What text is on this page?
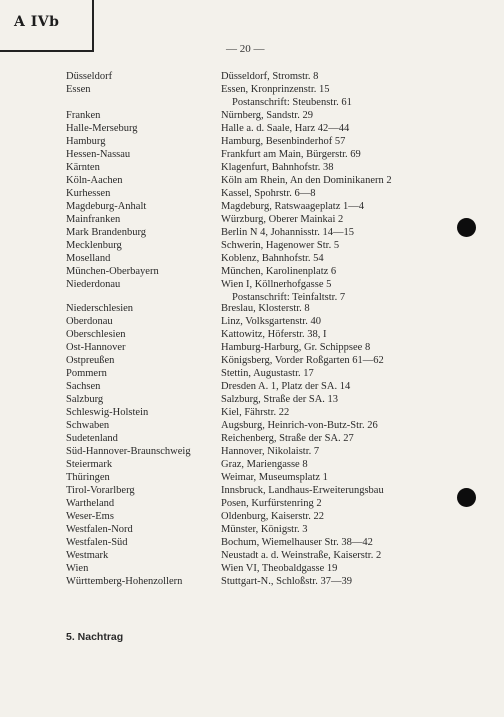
A IVb
— 20 —
Düsseldorf	Düsseldorf, Stromstr. 8
Essen	Essen, Kronprinzenstr. 15
Postanschrift: Steubenstr. 61
Franken	Nürnberg, Sandstr. 29
Halle-Merseburg	Halle a. d. Saale, Harz 42—44
Hamburg	Hamburg, Besenbinderhof 57
Hessen-Nassau	Frankfurt am Main, Bürgerstr. 69
Kärnten	Klagenfurt, Bahnhofstr. 38
Köln-Aachen	Köln am Rhein, An den Dominikanern 2
Kurhessen	Kassel, Spohrstr. 6—8
Magdeburg-Anhalt	Magdeburg, Ratswaageplatz 1—4
Mainfranken	Würzburg, Oberer Mainkai 2
Mark Brandenburg	Berlin N 4, Johannisstr. 14—15
Mecklenburg	Schwerin, Hagenower Str. 5
Moselland	Koblenz, Bahnhofstr. 54
München-Oberbayern	München, Karolinenplatz 6
Niederdonau	Wien I, Köllnerhofgasse 5
Postanschrift: Teinfaltstr. 7
Niederschlesien	Breslau, Klosterstr. 8
Oberdonau	Linz, Volksgartenstr. 40
Oberschlesien	Kattowitz, Höferstr. 38, I
Ost-Hannover	Hamburg-Harburg, Gr. Schippsee 8
Ostpreußen	Königsberg, Vorder Roßgarten 61—62
Pommern	Stettin, Augustastr. 17
Sachsen	Dresden A. 1, Platz der SA. 14
Salzburg	Salzburg, Straße der SA. 13
Schleswig-Holstein	Kiel, Fährstr. 22
Schwaben	Augsburg, Heinrich-von-Butz-Str. 26
Sudetenland	Reichenberg, Straße der SA. 27
Süd-Hannover-Braunschweig	Hannover, Nikolaistr. 7
Steiermark	Graz, Mariengasse 8
Thüringen	Weimar, Museumsplatz 1
Tirol-Vorarlberg	Innsbruck, Landhaus-Erweiterungsbau
Wartheland	Posen, Kurfürstenring 2
Weser-Ems	Oldenburg, Kaiserstr. 22
Westfalen-Nord	Münster, Königstr. 3
Westfalen-Süd	Bochum, Wiemelhauser Str. 38—42
Westmark	Neustadt a. d. Weinstraße, Kaiserstr. 2
Wien	Wien VI, Theobaldgasse 19
Württemberg-Hohenzollern	Stuttgart-N., Schloßstr. 37—39
5. Nachtrag
